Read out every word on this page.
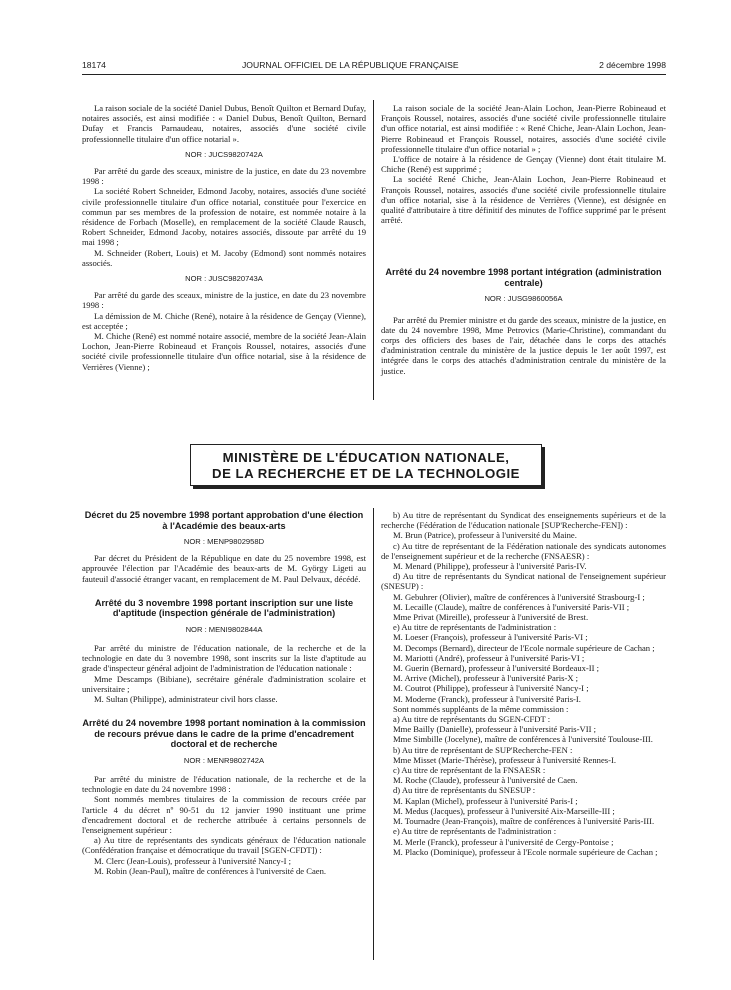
18174	JOURNAL OFFICIEL DE LA RÉPUBLIQUE FRANÇAISE	2 décembre 1998

La raison sociale de la société Daniel Dubus, Benoît Quilton et Bernard Dufay, notaires associés, est ainsi modifiée : « Daniel Dubus, Benoît Quilton, Bernard Dufay et Francis Parnaudeau, notaires, associés d'une société civile professionnelle titulaire d'un office notarial ».

NOR : JUCS9820742A

Par arrêté du garde des sceaux, ministre de la justice, en date du 23 novembre 1998 :

La société Robert Schneider, Edmond Jacoby, notaires, associés d'une société civile professionnelle titulaire d'un office notarial, constituée pour l'exercice en commun par ses membres de la profession de notaire, est nommée notaire à la résidence de Forbach (Moselle), en remplacement de la société Claude Rausch, Robert Schneider, Edmond Jacoby, notaires associés, dissoute par arrêté du 19 mai 1998 ;

M. Schneider (Robert, Louis) et M. Jacoby (Edmond) sont nommés notaires associés.

NOR : JUSC9820743A

Par arrêté du garde des sceaux, ministre de la justice, en date du 23 novembre 1998 :

La démission de M. Chiche (René), notaire à la résidence de Gençay (Vienne), est acceptée ;

M. Chiche (René) est nommé notaire associé, membre de la société Jean-Alain Lochon, Jean-Pierre Robineaud et François Roussel, notaires, associés d'une société civile professionnelle titulaire d'un office notarial, sise à la résidence de Verrières (Vienne) ;

La raison sociale de la société Jean-Alain Lochon, Jean-Pierre Robineaud et François Roussel, notaires, associés d'une société civile professionnelle titulaire d'un office notarial, est ainsi modifiée : « René Chiche, Jean-Alain Lochon, Jean-Pierre Robineaud et François Roussel, notaires, associés d'une société civile professionnelle titulaire d'un office notarial » ;

L'office de notaire à la résidence de Gençay (Vienne) dont était titulaire M. Chiche (René) est supprimé ;

La société René Chiche, Jean-Alain Lochon, Jean-Pierre Robineaud et François Roussel, notaires, associés d'une société civile professionnelle titulaire d'un office notarial, sise à la résidence de Verrières (Vienne), est désignée en qualité d'attributaire à titre définitif des minutes de l'office supprimé par le présent arrêté.

Arrêté du 24 novembre 1998 portant intégration (administration centrale)

NOR : JUSG9860056A

Par arrêté du Premier ministre et du garde des sceaux, ministre de la justice, en date du 24 novembre 1998, Mme Petrovics (Marie-Christine), commandant du corps des officiers des bases de l'air, détachée dans le corps des attachés d'administration centrale du ministère de la justice depuis le 1er août 1997, est intégrée dans le corps des attachés d'administration centrale du ministère de la justice.

MINISTÈRE DE L'ÉDUCATION NATIONALE,
DE LA RECHERCHE ET DE LA TECHNOLOGIE
Décret du 25 novembre 1998 portant approbation d'une élection à l'Académie des beaux-arts

NOR : MENP9802958D

Par décret du Président de la République en date du 25 novembre 1998, est approuvée l'élection par l'Académie des beaux-arts de M. György Ligeti au fauteuil d'associé étranger vacant, en remplacement de M. Paul Delvaux, décédé.

Arrêté du 3 novembre 1998 portant inscription sur une liste d'aptitude (inspection générale de l'administration)

NOR : MENI9802844A

Par arrêté du ministre de l'éducation nationale, de la recherche et de la technologie en date du 3 novembre 1998, sont inscrits sur la liste d'aptitude au grade d'inspecteur général adjoint de l'administration de l'éducation nationale :

Mme Descamps (Bibiane), secrétaire générale d'administration scolaire et universitaire ;

M. Sultan (Philippe), administrateur civil hors classe.

Arrêté du 24 novembre 1998 portant nomination à la commission de recours prévue dans le cadre de la prime d'encadrement doctoral et de recherche

NOR : MENR9802742A

Par arrêté du ministre de l'éducation nationale, de la recherche et de la technologie en date du 24 novembre 1998 :

Sont nommés membres titulaires de la commission de recours créée par l'article 4 du décret nº 90-51 du 12 janvier 1990 instituant une prime d'encadrement doctoral et de recherche attribuée à certains personnels de l'enseignement supérieur :

a) Au titre de représentants des syndicats généraux de l'éducation nationale (Confédération française et démocratique du travail [SGEN-CFDT]) :

M. Clerc (Jean-Louis), professeur à l'université Nancy-I ;

M. Robin (Jean-Paul), maître de conférences à l'université de Caen.

b) Au titre de représentant du Syndicat des enseignements supérieurs et de la recherche (Fédération de l'éducation nationale [SUP'Recherche-FEN]) :

M. Brun (Patrice), professeur à l'université du Maine.

c) Au titre de représentant de la Fédération nationale des syndicats autonomes de l'enseignement supérieur et de la recherche (FNSAESR) :

M. Menard (Philippe), professeur à l'université Paris-IV.

d) Au titre de représentants du Syndicat national de l'enseignement supérieur (SNESUP) :

M. Gebuhrer (Olivier), maître de conférences à l'université Strasbourg-I ;

M. Lecaille (Claude), maître de conférences à l'université Paris-VII ;

Mme Privat (Mireille), professeur à l'université de Brest.

e) Au titre de représentants de l'administration :

M. Loeser (François), professeur à l'université Paris-VI ;

M. Decomps (Bernard), directeur de l'Ecole normale supérieure de Cachan ;

M. Mariotti (André), professeur à l'université Paris-VI ;

M. Guerin (Bernard), professeur à l'université Bordeaux-II ;

M. Arrive (Michel), professeur à l'université Paris-X ;

M. Coutrot (Philippe), professeur à l'université Nancy-I ;

M. Moderne (Franck), professeur à l'université Paris-I.

Sont nommés suppléants de la même commission :

a) Au titre de représentants du SGEN-CFDT :

Mme Bailly (Danielle), professeur à l'université Paris-VII ;

Mme Simbille (Jocelyne), maître de conférences à l'université Toulouse-III.

b) Au titre de représentant de SUP'Recherche-FEN :

Mme Misset (Marie-Thérèse), professeur à l'université Rennes-I.

c) Au titre de représentant de la FNSAESR :

M. Roche (Claude), professeur à l'université de Caen.

d) Au titre de représentants du SNESUP :

M. Kaplan (Michel), professeur à l'université Paris-I ;

M. Medus (Jacques), professeur à l'université Aix-Marseille-III ;

M. Tournadre (Jean-François), maître de conférences à l'université Paris-III.

e) Au titre de représentants de l'administration :

M. Merle (Franck), professeur à l'université de Cergy-Pontoise ;

M. Placko (Dominique), professeur à l'Ecole normale supérieure de Cachan ;
